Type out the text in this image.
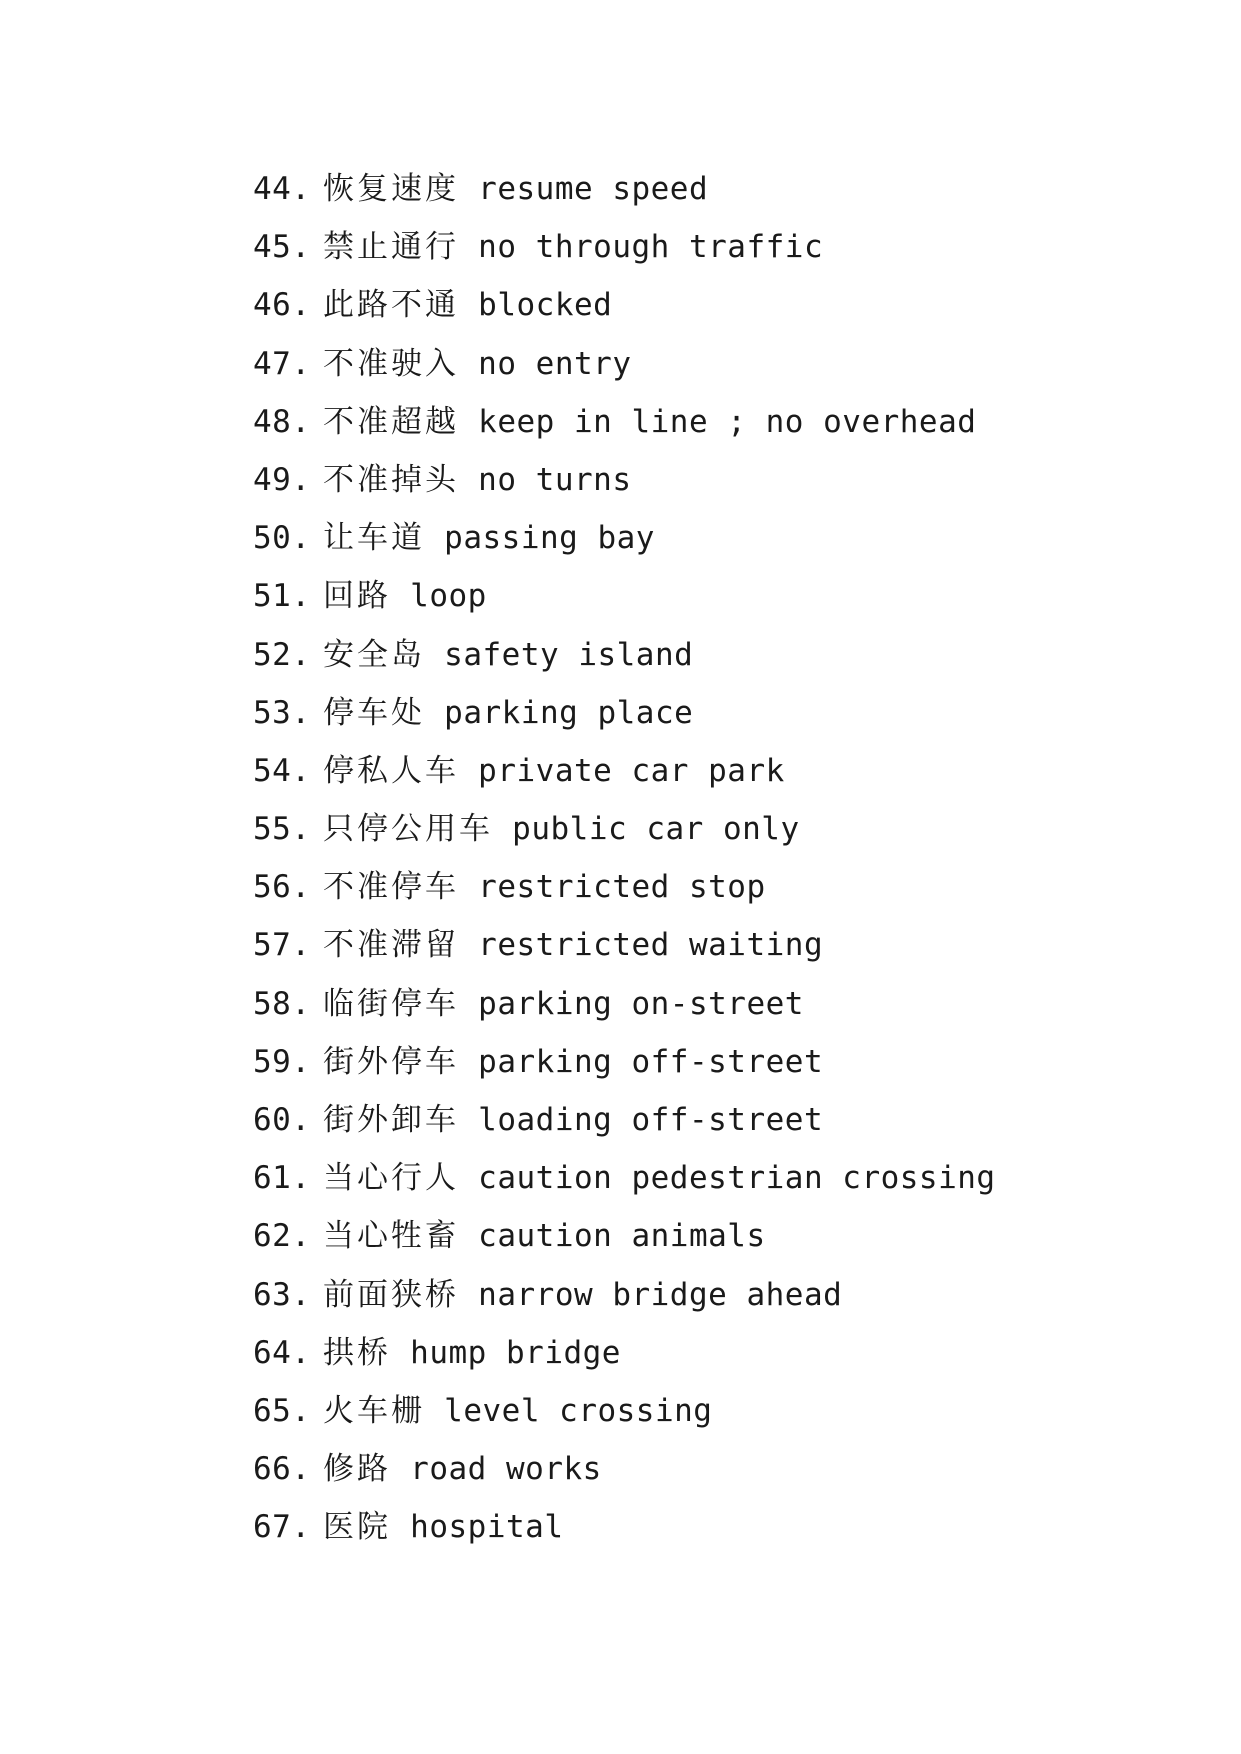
44. 恢复速度 resume speed
45. 禁止通行 no through traffic
46. 此路不通 blocked
47. 不准驶入 no entry
48. 不准超越 keep in line ; no overhead
49. 不准掉头 no turns
50. 让车道 passing bay
51. 回路 loop
52. 安全岛 safety island
53. 停车处 parking place
54. 停私人车 private car park
55. 只停公用车 public car only
56. 不准停车 restricted stop
57. 不准滞留 restricted waiting
58. 临街停车 parking on-street
59. 街外停车 parking off-street
60. 街外卸车 loading off-street
61. 当心行人 caution pedestrian crossing
62. 当心牲畜 caution animals
63. 前面狭桥 narrow bridge ahead
64. 拱桥 hump bridge
65. 火车栅 level crossing
66. 修路 road works
67. 医院 hospital
